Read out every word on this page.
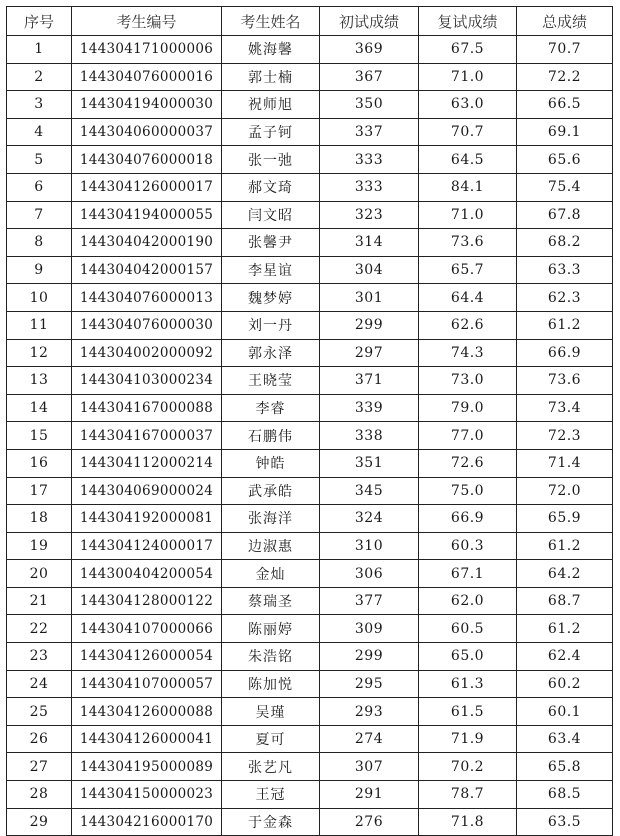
序号	考生编号	考生姓名	初试成绩	复试成绩	总成绩
1	144304171000006	姚海馨	369	67.5	70.7
2	144304076000016	郭士楠	367	71.0	72.2
3	144304194000030	祝师旭	350	63.0	66.5
4	144304060000037	孟子钶	337	70.7	69.1
5	144304076000018	张一弛	333	64.5	65.6
6	144304126000017	郝文琦	333	84.1	75.4
7	144304194000055	闫文昭	323	71.0	67.8
8	144304042000190	张馨尹	314	73.6	68.2
9	144304042000157	李星谊	304	65.7	63.3
10	144304076000013	魏梦婷	301	64.4	62.3
11	144304076000030	刘一丹	299	62.6	61.2
12	144304002000092	郭永泽	297	74.3	66.9
13	144304103000234	王晓莹	371	73.0	73.6
14	144304167000088	李睿	339	79.0	73.4
15	144304167000037	石鹏伟	338	77.0	72.3
16	144304112000214	钟皓	351	72.6	71.4
17	144304069000024	武承皓	345	75.0	72.0
18	144304192000081	张海洋	324	66.9	65.9
19	144304124000017	边淑惠	310	60.3	61.2
20	144300404200054	金灿	306	67.1	64.2
21	144304128000122	蔡瑞圣	377	62.0	68.7
22	144304107000066	陈丽婷	309	60.5	61.2
23	144304126000054	朱浩铭	299	65.0	62.4
24	144304107000057	陈加悦	295	61.3	60.2
25	144304126000088	吴瑾	293	61.5	60.1
26	144304126000041	夏可	274	71.9	63.4
27	144304195000089	张艺凡	307	70.2	65.8
28	144304150000023	王冠	291	78.7	68.5
29	144304216000170	于金森	276	71.8	63.5
